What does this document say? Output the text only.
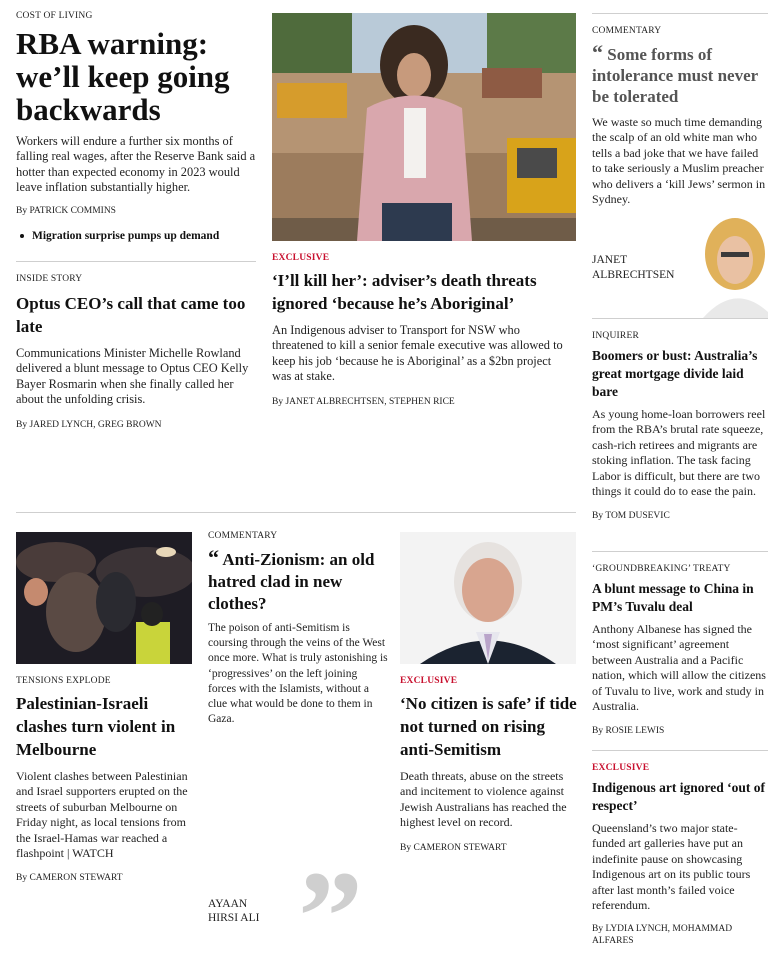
COST OF LIVING
RBA warning: we’ll keep going backwards

Workers will endure a further six months of falling real wages, after the Reserve Bank said a hotter than expected economy in 2023 would leave inflation substantially higher.

By PATRICK COMMINS
Migration surprise pumps up demand
INSIDE STORY
Optus CEO’s call that came too late

Communications Minister Michelle Rowland delivered a blunt message to Optus CEO Kelly Bayer Rosmarin when she finally called her about the unfolding crisis.

By JARED LYNCH, GREG BROWN
EXCLUSIVE
‘I’ll kill her’: adviser’s death threats ignored ‘because he’s Aboriginal’

An Indigenous adviser to Transport for NSW who threatened to kill a senior female executive was allowed to keep his job ‘because he is Aboriginal’ as a $2bn project was at stake.

By JANET ALBRECHTSEN, STEPHEN RICE
COMMENTARY
“ Some forms of intolerance must never be tolerated

We waste so much time demanding the scalp of an old white man who tells a bad joke that we have failed to take seriously a Muslim preacher who delivers a ‘kill Jews’ sermon in Sydney.

JANET
ALBRECHTSEN
INQUIRER
Boomers or bust: Australia’s great mortgage divide laid bare

As young home-loan borrowers reel from the RBA’s brutal rate squeeze, cash-rich retirees and migrants are stoking inflation. The task facing Labor is difficult, but there are two things it could do to ease the pain.

By TOM DUSEVIC
‘GROUNDBREAKING’ TREATY
A blunt message to China in PM’s Tuvalu deal

Anthony Albanese has signed the ‘most significant’ agreement between Australia and a Pacific nation, which will allow the citizens of Tuvalu to live, work and study in Australia.

By ROSIE LEWIS
EXCLUSIVE
Indigenous art ignored ‘out of respect’

Queensland’s two major state-funded art galleries have put an indefinite pause on showcasing Indigenous art on its public tours after last month’s failed voice referendum.

By LYDIA LYNCH, MOHAMMAD ALFARES
TENSIONS EXPLODE
Palestinian-Israeli clashes turn violent in Melbourne

Violent clashes between Palestinian and Israel supporters erupted on the streets of suburban Melbourne on Friday night, as local tensions from the Israel-Hamas war reached a flashpoint | WATCH

By CAMERON STEWART
COMMENTARY
“ Anti-Zionism: an old hatred clad in new clothes?

The poison of anti-Semitism is coursing through the veins of the West once more. What is truly astonishing is ‘progressives’ on the left joining forces with the Islamists, without a clue what would be done to them in Gaza.

AYAAN
HIRSI ALI ”
EXCLUSIVE
‘No citizen is safe’ if tide not turned on rising anti-Semitism

Death threats, abuse on the streets and incitement to violence against Jewish Australians has reached the highest level on record.

By CAMERON STEWART
